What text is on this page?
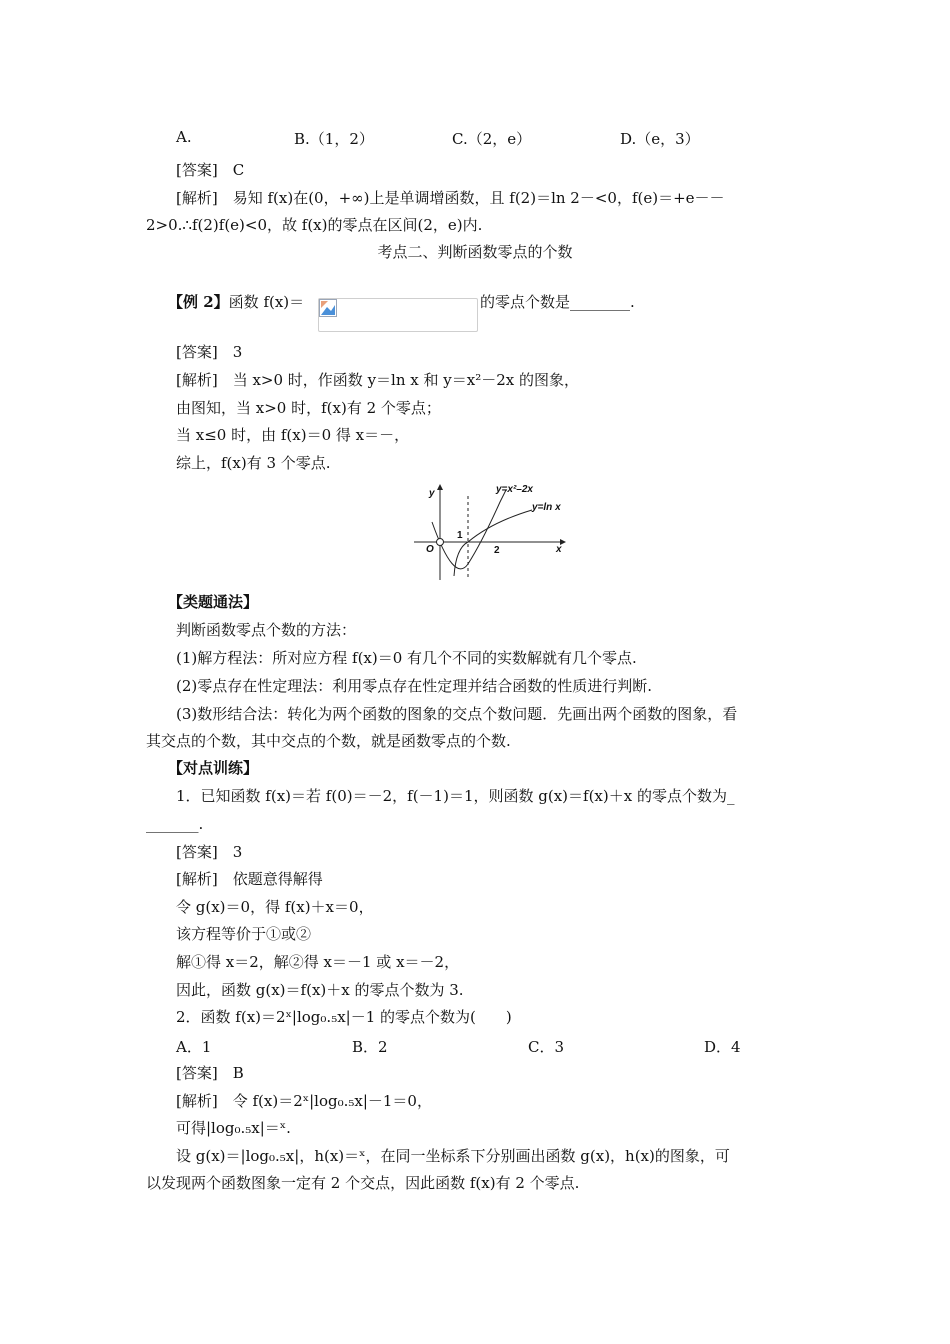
A.	B.（1，2）	C.（2，e）	D.（e，3）
[答案]　C
[解析]　易知 f(x)在(0，+∞)上是单调增函数，且 f(2)＝ln 2－<0，f(e)＝+e－－
2>0.∴f(2)f(e)<0，故 f(x)的零点在区间(2，e)内.
考点二、判断函数零点的个数
【例 2】函数 f(x)＝	的零点个数是________.
[答案]　3
[解析]　当 x>0 时，作函数 y＝ln x 和 y＝x²－2x 的图象，
由图知，当 x>0 时，f(x)有 2 个零点；
当 x≤0 时，由 f(x)＝0 得 x＝－，
综上，f(x)有 3 个零点.
y=x²–2x
y=ln x
y
x
O
1
2
【类题通法】
判断函数零点个数的方法：
(1)解方程法：所对应方程 f(x)＝0 有几个不同的实数解就有几个零点.
(2)零点存在性定理法：利用零点存在性定理并结合函数的性质进行判断.
(3)数形结合法：转化为两个函数的图象的交点个数问题．先画出两个函数的图象，看
其交点的个数，其中交点的个数，就是函数零点的个数.
【对点训练】
1．已知函数 f(x)＝若 f(0)＝－2，f(－1)＝1，则函数 g(x)＝f(x)＋x 的零点个数为_
_______.
[答案]　3
[解析]　依题意得解得
令 g(x)＝0，得 f(x)＋x＝0，
该方程等价于①或②
解①得 x＝2，解②得 x＝－1 或 x＝－2，
因此，函数 g(x)＝f(x)＋x 的零点个数为 3.
2．函数 f(x)＝2ˣ|log₀.₅x|－1 的零点个数为(　　)
A．1	B．2	C．3	D．4
[答案]　B
[解析]　令 f(x)＝2ˣ|log₀.₅x|－1＝0，
可得|log₀.₅x|＝ˣ.
设 g(x)＝|log₀.₅x|，h(x)＝ˣ，在同一坐标系下分别画出函数 g(x)，h(x)的图象，可
以发现两个函数图象一定有 2 个交点，因此函数 f(x)有 2 个零点.
